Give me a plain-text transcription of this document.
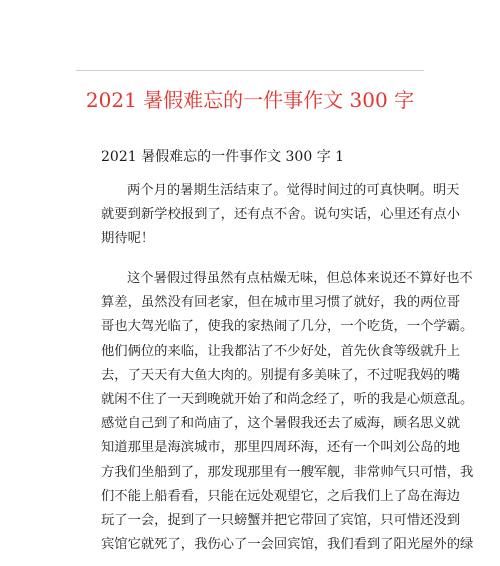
2021 暑假难忘的一件事作文 300 字
2021 暑假难忘的一件事作文 300 字 1
两个月的暑期生活结束了。觉得时间过的可真快啊。明天
就要到新学校报到了，还有点不舍。说句实话，心里还有点小
期待呢！
这个暑假过得虽然有点枯燥无味，但总体来说还不算好也不
算差，虽然没有回老家，但在城市里习惯了就好，我的两位哥
哥也大驾光临了，使我的家热闹了几分，一个吃货，一个学霸。
他们俩位的来临，让我都沾了不少好处，首先伙食等级就升上
去，了天天有大鱼大肉的。别提有多美味了，不过呢我妈的嘴
就闲不住了一天到晚就开始了和尚念经了，听的我是心烦意乱。
感觉自己到了和尚庙了，这个暑假我还去了威海，顾名思义就
知道那里是海滨城市，那里四周环海，还有一个叫刘公岛的地
方我们坐船到了，那发现那里有一艘军舰，非常帅气只可惜，我
们不能上船看看，只能在远处观望它，之后我们上了岛在海边
玩了一会，捉到了一只螃蟹并把它带回了宾馆，只可惜还没到
宾馆它就死了，我伤心了一会回宾馆，我们看到了阳光屋外的绿
